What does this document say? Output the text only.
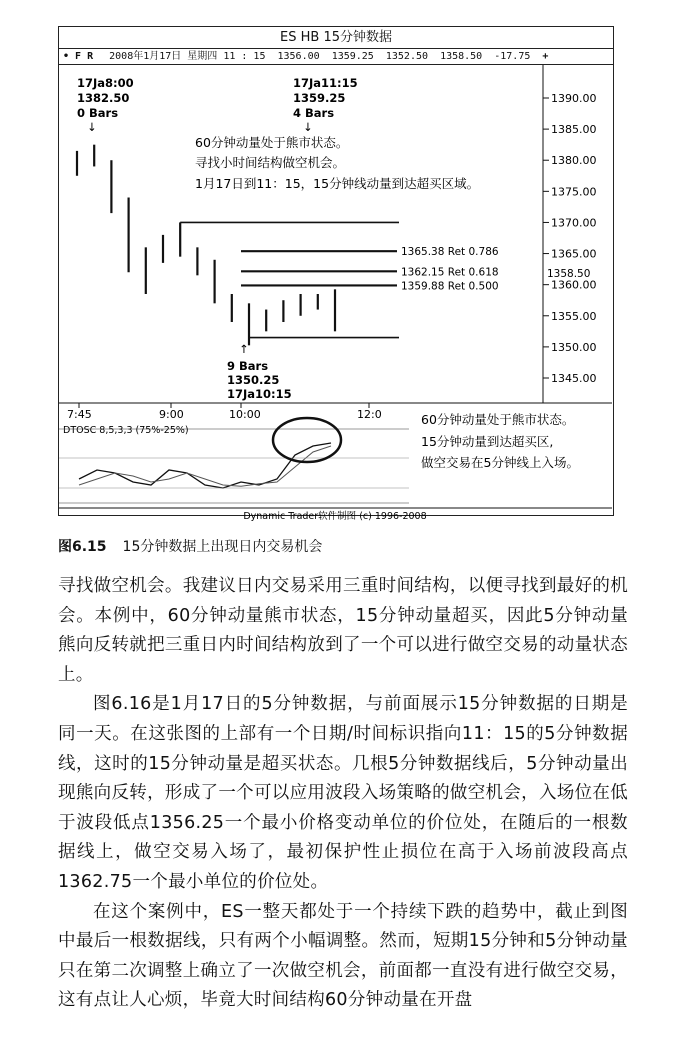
ES HB 15分钟数据
• F R 2008年1月17日 星期四 11 : 15 1356.00 1359.25 1352.50 1358.50 -17.75 +
1390.00
1385.00
1380.00
1375.00
1370.00
1365.00
1360.00
1355.00
1350.00
1345.00
1365.38 Ret 0.786
1362.15 Ret 0.618
1359.88 Ret 0.500
17Ja8:00
1382.50
0 Bars
↓
17Ja11:15
1359.25
4 Bars
↓
60分钟动量处于熊市状态。
寻找小时间结构做空机会。
1月17日到11：15，15分钟线动量到达超买区域。
↑
9 Bars
1350.25
17Ja10:15
1358.50
7:45	9:00	10:00	12:0
DTOSC 8,5,3,3 (75%-25%)
60分钟动量处于熊市状态。
15分钟动量到达超买区,
做空交易在5分钟线上入场。
Dynamic Trader软件制图 (c) 1996-2008
图6.15 15分钟数据上出现日内交易机会

寻找做空机会。我建议日内交易采用三重时间结构，以便寻找到最好的机会。本例中，60分钟动量熊市状态，15分钟动量超买，因此5分钟动量熊向反转就把三重日内时间结构放到了一个可以进行做空交易的动量状态上。

图6.16是1月17日的5分钟数据，与前面展示15分钟数据的日期是同一天。在这张图的上部有一个日期/时间标识指向11：15的5分钟数据线，这时的15分钟动量是超买状态。几根5分钟数据线后，5分钟动量出现熊向反转，形成了一个可以应用波段入场策略的做空机会，入场位在低于波段低点1356.25一个最小价格变动单位的价位处，在随后的一根数据线上，做空交易入场了，最初保护性止损位在高于入场前波段高点1362.75一个最小单位的价位处。

在这个案例中，ES一整天都处于一个持续下跌的趋势中，截止到图中最后一根数据线，只有两个小幅调整。然而，短期15分钟和5分钟动量只在第二次调整上确立了一次做空机会，前面都一直没有进行做空交易，这有点让人心烦，毕竟大时间结构60分钟动量在开盘
